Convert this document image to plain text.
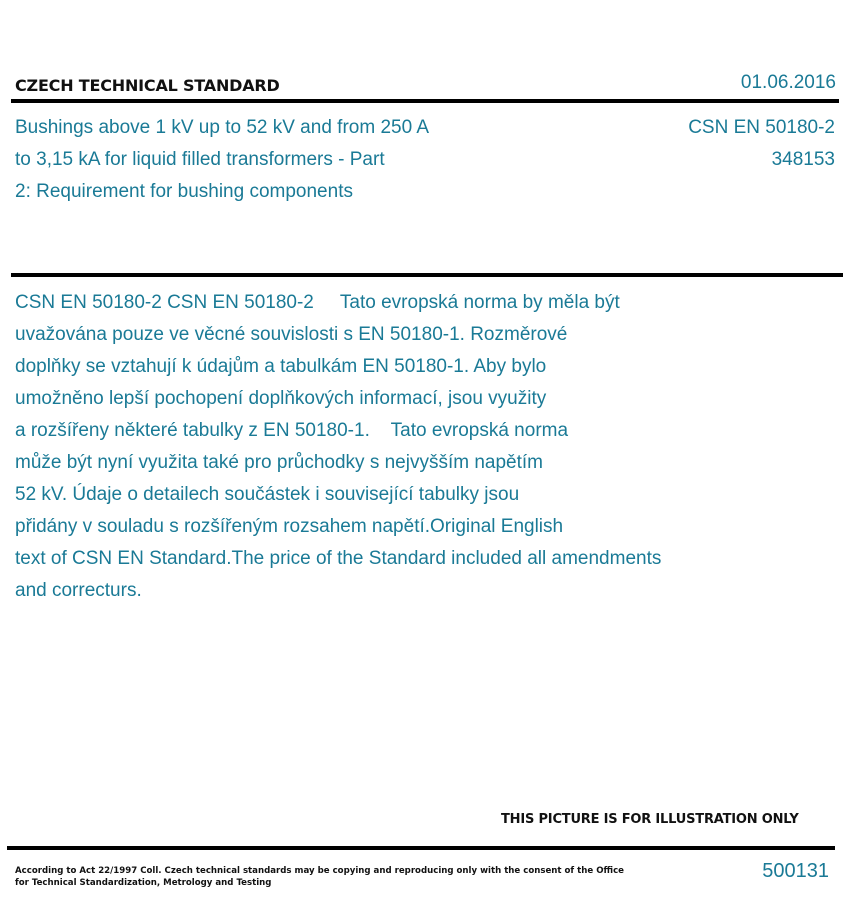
CZECH TECHNICAL STANDARD	01.06.2016
Bushings above 1 kV up to 52 kV and from 250 A
to 3,15 kA for liquid filled transformers - Part
2: Requirement for bushing components
CSN EN 50180-2
348153
CSN EN 50180-2 CSN EN 50180-2     Tato evropská norma by měla být
uvažována pouze ve věcné souvislosti s EN 50180-1. Rozměrové
doplňky se vztahují k údajům a tabulkám EN 50180-1. Aby bylo
umožněno lepší pochopení doplňkových informací, jsou využity
a rozšířeny některé tabulky z EN 50180-1.    Tato evropská norma
může být nyní využita také pro průchodky s nejvyšším napětím
52 kV. Údaje o detailech součástek i související tabulky jsou
přidány v souladu s rozšířeným rozsahem napětí.Original English
text of CSN EN Standard.The price of the Standard included all amendments
and correcturs.
THIS PICTURE IS FOR ILLUSTRATION ONLY
According to Act 22/1997 Coll. Czech technical standards may be copying and reproducing only with the consent of the Office
for Technical Standardization, Metrology and Testing
500131
